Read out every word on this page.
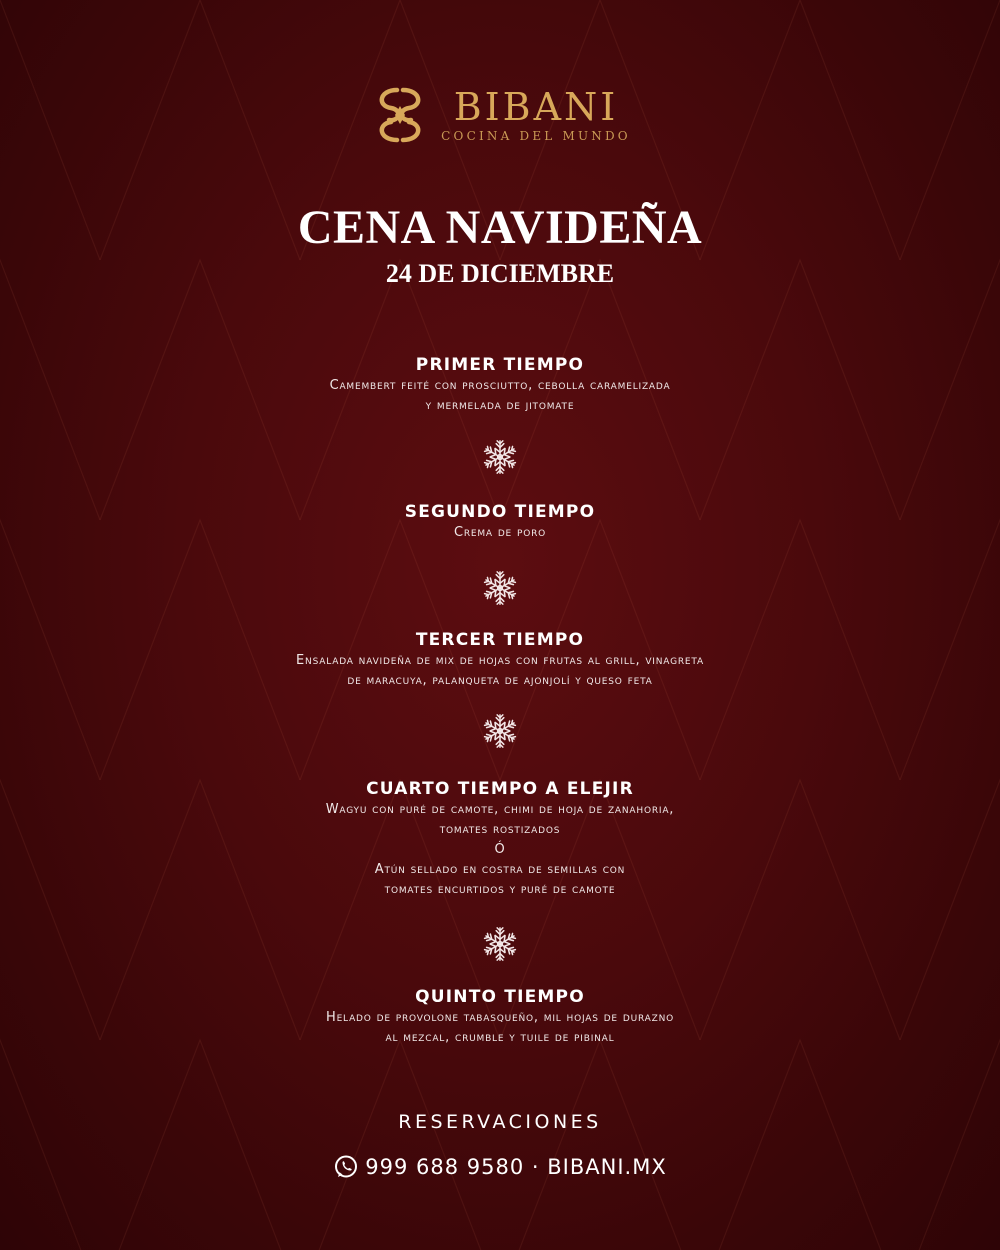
BIBANI
COCINA DEL MUNDO
CENA NAVIDEÑA
24 DE DICIEMBRE
PRIMER TIEMPO
Camembert feité con prosciutto, cebolla caramelizada
y mermelada de jitomate
SEGUNDO TIEMPO
Crema de poro
TERCER TIEMPO
Ensalada navideña de mix de hojas con frutas al grill, vinagreta
de maracuya, palanqueta de ajonjolí y queso feta
CUARTO TIEMPO A ELEJIR
Wagyu con puré de camote, chimi de hoja de zanahoria,
tomates rostizados
Ó
Atún sellado en costra de semillas con
tomates encurtidos y puré de camote
QUINTO TIEMPO
Helado de provolone tabasqueño, mil hojas de durazno
al mezcal, crumble y tuile de pibinal
RESERVACIONES
999 688 9580 · BIBANI.MX
